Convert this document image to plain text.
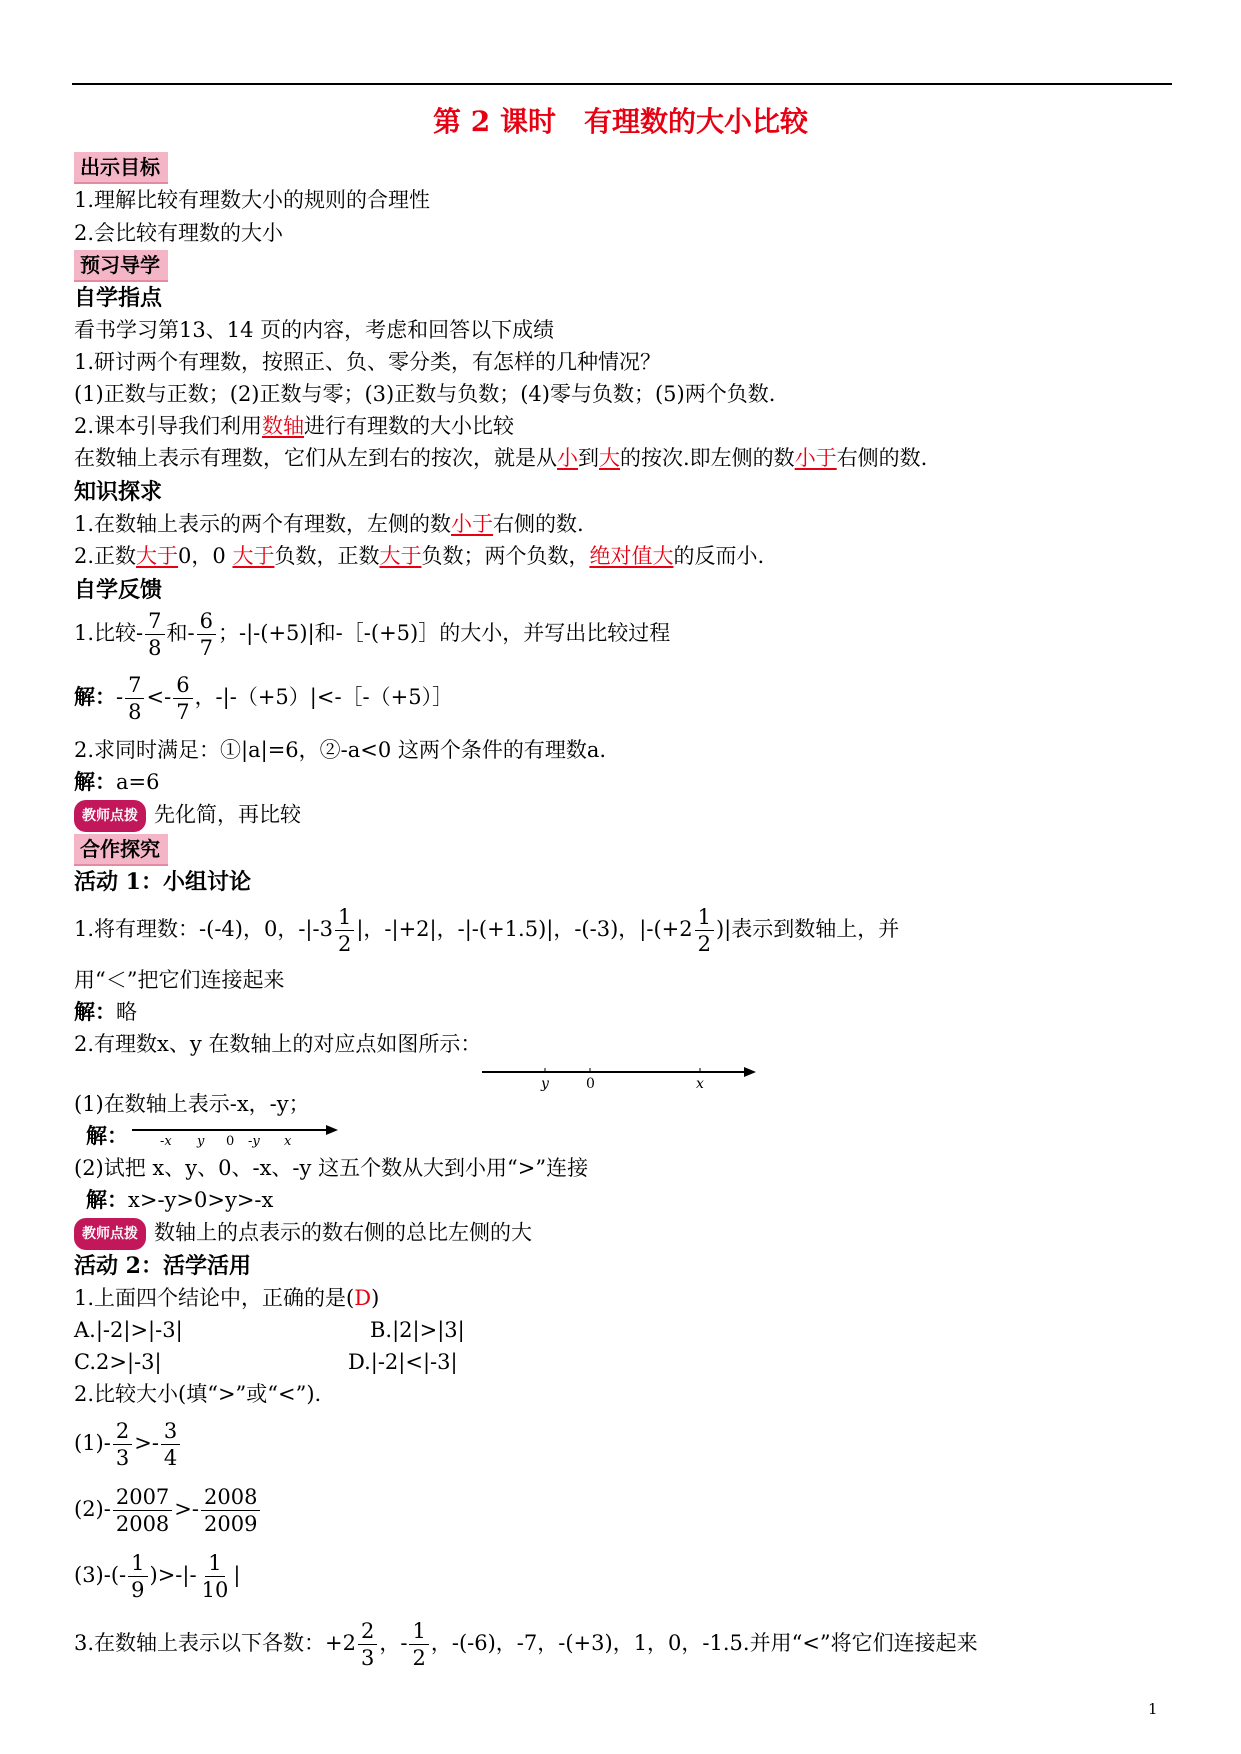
第 2 课时 有理数的大小比较
出示目标
1.理解比较有理数大小的规则的合理性
2.会比较有理数的大小
预习导学
自学指点
看书学习第13、14 页的内容，考虑和回答以下成绩
1.研讨两个有理数，按照正、负、零分类，有怎样的几种情况？
(1)正数与正数；(2)正数与零；(3)正数与负数；(4)零与负数；(5)两个负数.
2.课本引导我们利用数轴进行有理数的大小比较
在数轴上表示有理数，它们从左到右的按次，就是从小到大的按次.即左侧的数小于右侧的数.
知识探求
1.在数轴上表示的两个有理数，左侧的数小于右侧的数.
2.正数大于0，0 大于负数，正数大于负数；两个负数，绝对值大的反而小.
自学反馈
1.比较- $\frac{7}{8}$ 和- $\frac{6}{7}$ ；-|-(+5)|和-［-(+5)］的大小，并写出比较过程
解：- $\frac{7}{8} <- \frac{6}{7}$ ，-|-（+5）|<-［-（+5）］
2.求同时满足：①|a|=6，②-a<0 这两个条件的有理数a.
解：a=6
教师点拨 先化简，再比较
合作探究
活动 1：小组讨论
1.将有理数：-(-4)，0，$-|-3 \frac{1}{2}$ |，-|+2|，-|-(+1.5)|，-(-3)，$|-(+2 \frac{1}{2}$ )|表示到数轴上，并
用“＜”把它们连接起来
解：略
2.有理数x、y 在数轴上的对应点如图所示：
y	0	x
(1)在数轴上表示-x，-y；
解： -x y 0 -y x
(2)试把 x、y、0、-x、-y 这五个数从大到小用“>”连接
解：x>-y>0>y>-x
教师点拨 数轴上的点表示的数右侧的总比左侧的大
活动 2：活学活用
1.上面四个结论中，正确的是(D)
A.|-2|>|-3|	B.|2|>|3|
C.2>|-3|	D.|-2|<|-3|
2.比较大小(填“>”或“<”).
$(1)- \frac{2}{3} >- \frac{3}{4}$
$(2)- \frac{2007}{2008} >- \frac{2008}{2009}$
$(3)-(- \frac{1}{9}$ )>-|- $\frac{1}{10}$ |
3.在数轴上表示以下各数：$+2 \frac{2}{3}$ ，- $\frac{1}{2}$ ，-(-6)，-7，-(+3)，1，0，-1.5.并用“<”将它们连接起来
1
